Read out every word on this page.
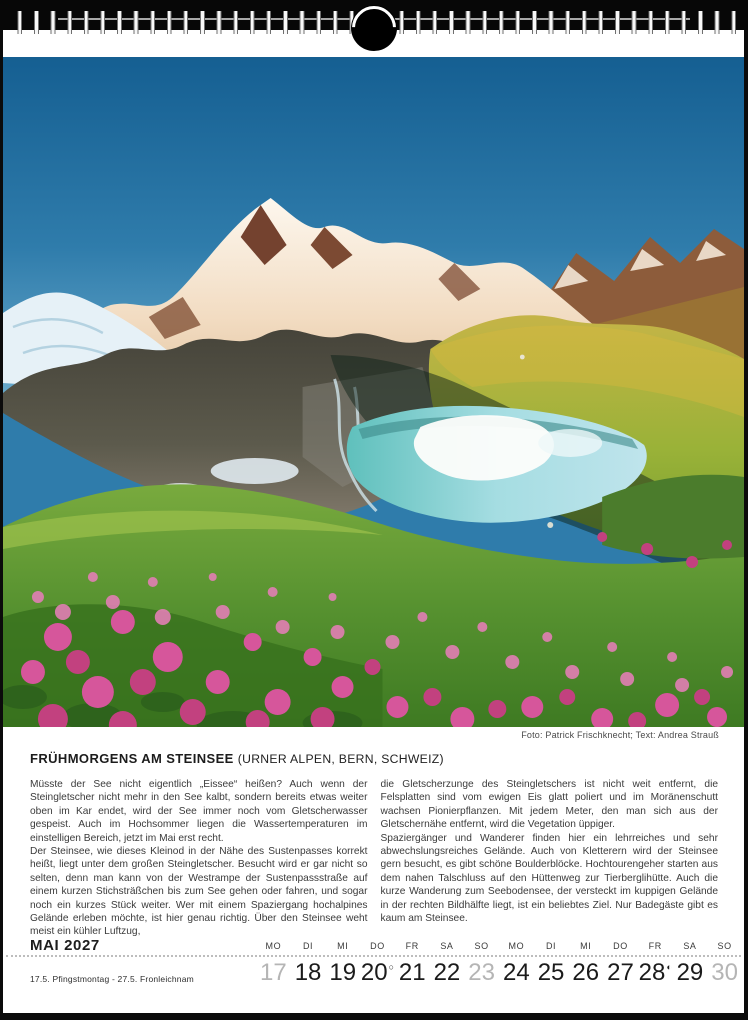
Foto: Patrick Frischknecht; Text: Andrea Strauß
FRÜHMORGENS AM STEINSEE (URNER ALPEN, BERN, SCHWEIZ)

Müsste der See nicht eigentlich „Eissee“ heißen? Auch wenn der Steingletscher nicht mehr in den See kalbt, sondern bereits etwas weiter oben im Kar endet, wird der See immer noch vom Gletscherwasser gespeist. Auch im Hochsommer liegen die Wassertemperaturen im einstelligen Bereich, jetzt im Mai erst recht.

Der Steinsee, wie dieses Kleinod in der Nähe des Sustenpasses korrekt heißt, liegt unter dem großen Steingletscher. Besucht wird er gar nicht so selten, denn man kann von der Westrampe der Sustenpassstraße auf einem kurzen Stichsträßchen bis zum See gehen oder fahren, und sogar noch ein kurzes Stück weiter. Wer mit einem Spaziergang hochalpines Gelände erleben möchte, ist hier genau richtig. Über den Steinsee weht meist ein kühler Luftzug,

die Gletscherzunge des Steingletschers ist nicht weit entfernt, die Felsplatten sind vom ewigen Eis glatt poliert und im Moränenschutt wachsen Pionierpflanzen. Mit jedem Meter, den man sich aus der Gletschernähe entfernt, wird die Vegetation üppiger.

Spaziergänger und Wanderer finden hier ein lehrreiches und sehr abwechslungsreiches Gelände. Auch von Kletterern wird der Steinsee gern besucht, es gibt schöne Boulderblöcke. Hochtourengeher starten aus dem nahen Talschluss auf den Hüttenweg zur Tierberglihütte. Auch die kurze Wanderung zum Seebodensee, der versteckt im kuppigen Gelände in der rechten Bildhälfte liegt, ist ein beliebtes Ziel. Nur Badegäste gibt es kaum am Steinsee.

MAI 2027
17.5. Pfingstmontag - 27.5. Fronleichnam
MO	DI	MI	DO	FR	SA	SO	MO	DI	MI	DO	FR	SA	SO
17 18 19 20○ 21 22 23 24 25 26 27 28◐ 29 30
